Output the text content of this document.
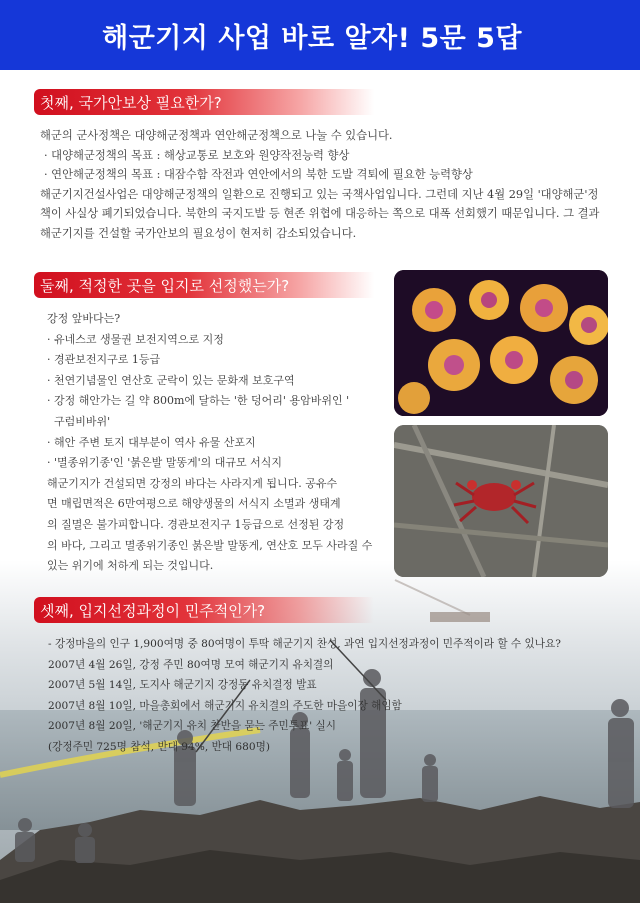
해군기지 사업 바로 알자! 5문 5답
첫째, 국가안보상 필요한가?
해군의 군사정책은 대양해군정책과 연안해군정책으로 나눌 수 있습니다.
· 대양해군정책의 목표 : 해상교통로 보호와 원양작전능력 향상
· 연안해군정책의 목표 : 대잠수함 작전과 연안에서의 북한 도발 격퇴에 필요한 능력향상
해군기지건설사업은 대양해군정책의 일환으로 진행되고 있는 국책사업입니다. 그런데 지난 4월 29일 '대양해군'정
책이 사실상 폐기되었습니다. 북한의 국지도발 등 현존 위협에 대응하는 쪽으로 대폭 선회했기 때문입니다. 그 결과
해군기지를 건설할 국가안보의 필요성이 현저히 감소되었습니다.
둘째, 적정한 곳을 입지로 선정했는가?
강정 앞바다는?
· 유네스코 생물권 보전지역으로 지정
· 경관보전지구로 1등급
· 천연기념물인 연산호 군락이 있는 문화재 보호구역
· 강정 해안가는 길 약 800m에 달하는 '한 덩어리' 용암바위인 '
구럼비바위'
· 해안 주변 토지 대부분이 역사 유물 산포지
· '멸종위기종'인 '붉은발 말똥게'의 대규모 서식지
해군기지가 건설되면 강정의 바다는 사라지게 됩니다. 공유수
면 매립면적은 6만여평으로 해양생물의 서식지 소멸과 생태계
의 질멸은 불가피합니다. 경관보전지구 1등급으로 선정된 강정
의 바다, 그리고 멸종위기종인 붉은발 말똥게, 연산호 모두 사라질 수
있는 위기에 처하게 되는 것입니다.
셋째, 입지선정과정이 민주적인가?
- 강정마을의 인구 1,900여명 중 80여명이 투딱 해군기지 찬성, 과연 입지선정과정이 민주적이라 할 수 있나요?
2007년 4월 26일, 강정 주민 80여명 모여 해군기지 유치결의
2007년 5월 14일, 도지사 해군기지 강정동 유치결정 발표
2007년 8월 10일, 마을총회에서 해군기지 유치결의 주도한 마을이장 해임함
2007년 8월 20일, '해군기지 유치 찬반을 묻는 주민투표' 실시
(강정주민 725명 참석, 반대 94%, 반대 680명)
